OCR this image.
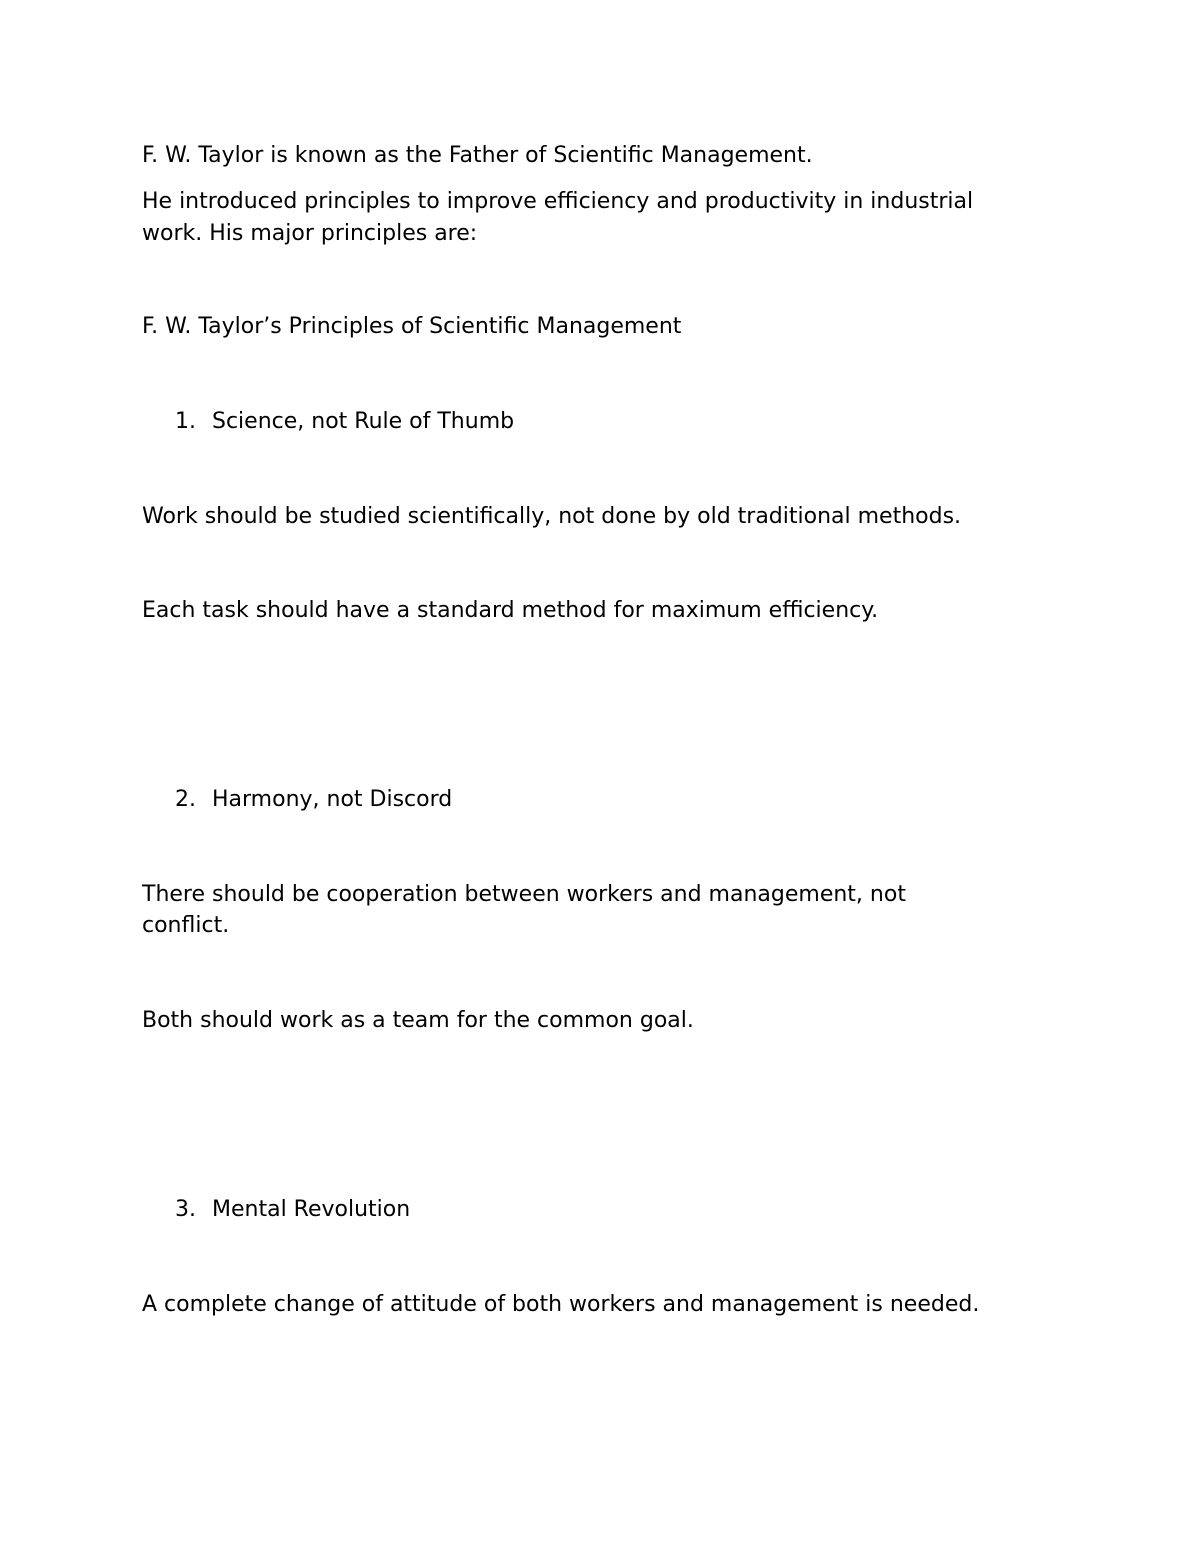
F. W. Taylor is known as the Father of Scientific Management.

He introduced principles to improve efficiency and productivity in industrial

work. His major principles are:

F. W. Taylor’s Principles of Scientific Management

1. Science, not Rule of Thumb

Work should be studied scientifically, not done by old traditional methods.

Each task should have a standard method for maximum efficiency.

2. Harmony, not Discord

There should be cooperation between workers and management, not

conflict.

Both should work as a team for the common goal.

3. Mental Revolution

A complete change of attitude of both workers and management is needed.
